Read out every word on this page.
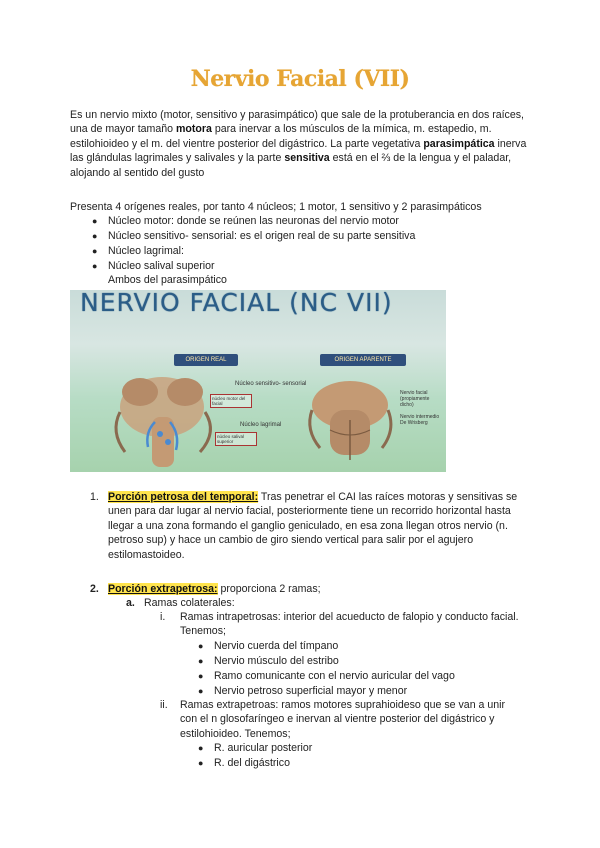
Nervio Facial (VII)
Es un nervio mixto (motor, sensitivo y parasimpático) que sale de la protuberancia en dos raíces, una de mayor tamaño motora para inervar a los músculos de la mímica, m. estapedio, m. estilohioideo y el m. del vientre posterior del digástrico. La parte vegetativa parasimpática inerva las glándulas lagrimales y salivales y la parte sensitiva está en el ⅔ de la lengua y el paladar, alojando al sentido del gusto
Presenta 4 orígenes reales, por tanto 4 núcleos; 1 motor, 1 sensitivo y 2 parasimpáticos
● Núcleo motor: donde se reúnen las neuronas del nervio motor
● Núcleo sensitivo- sensorial: es el origen real de su parte sensitiva
● Núcleo lagrimal:
● Núcleo salival superior
Ambos del parasimpático
NERVIO FACIAL (NC VII)
ORIGEN REAL	ORIGEN APARENTE
Núcleo sensitivo- sensorial
núcleo motor del facial
Núcleo lagrimal
núcleo salival superior
Nervio facial (propiamente dicho)
Nervio intermedio De Wrisberg
1. Porción petrosa del temporal: Tras penetrar el CAI las raíces motoras y sensitivas se unen para dar lugar al nervio facial, posteriormente tiene un recorrido horizontal hasta llegar a una zona formando el ganglio geniculado, en esa zona llegan otros nervio (n. petroso sup) y hace un cambio de giro siendo vertical para salir por el agujero estilomastoideo.
2. Porción extrapetrosa: proporciona 2 ramas;
a. Ramas colaterales:
i. Ramas intrapetrosas: interior del acueducto de falopio y conducto facial. Tenemos;
● Nervio cuerda del tímpano
● Nervio músculo del estribo
● Ramo comunicante con el nervio auricular del vago
● Nervio petroso superficial mayor y menor
ii. Ramas extrapetroas: ramos motores suprahioideso que se van a unir con el n glosofaríngeo e inervan al vientre posterior del digástrico y estilohioideo. Tenemos;
● R. auricular posterior
● R. del digástrico
